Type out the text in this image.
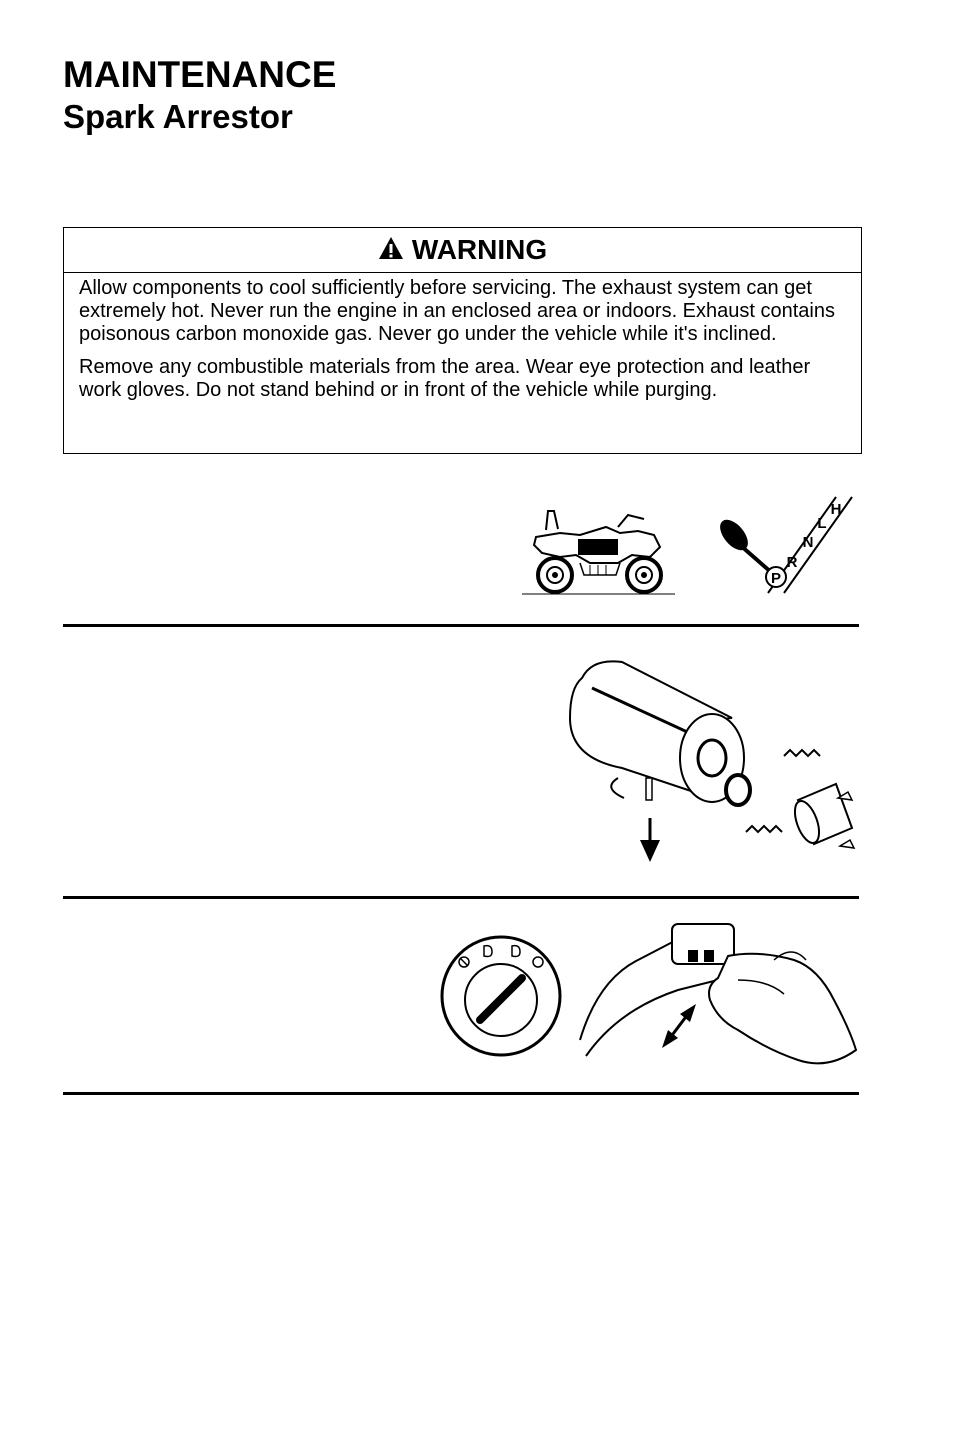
MAINTENANCE
Spark Arrestor
WARNING

Allow components to cool sufficiently before servicing. The exhaust system can get extremely hot. Never run the engine in an enclosed area or indoors. Exhaust contains poisonous carbon monoxide gas. Never go under the vehicle while it's inclined.

Remove any combustible materials from the area. Wear eye protection and leather work gloves. Do not stand behind or in front of the vehicle while purging.

P
R
N
L
H
